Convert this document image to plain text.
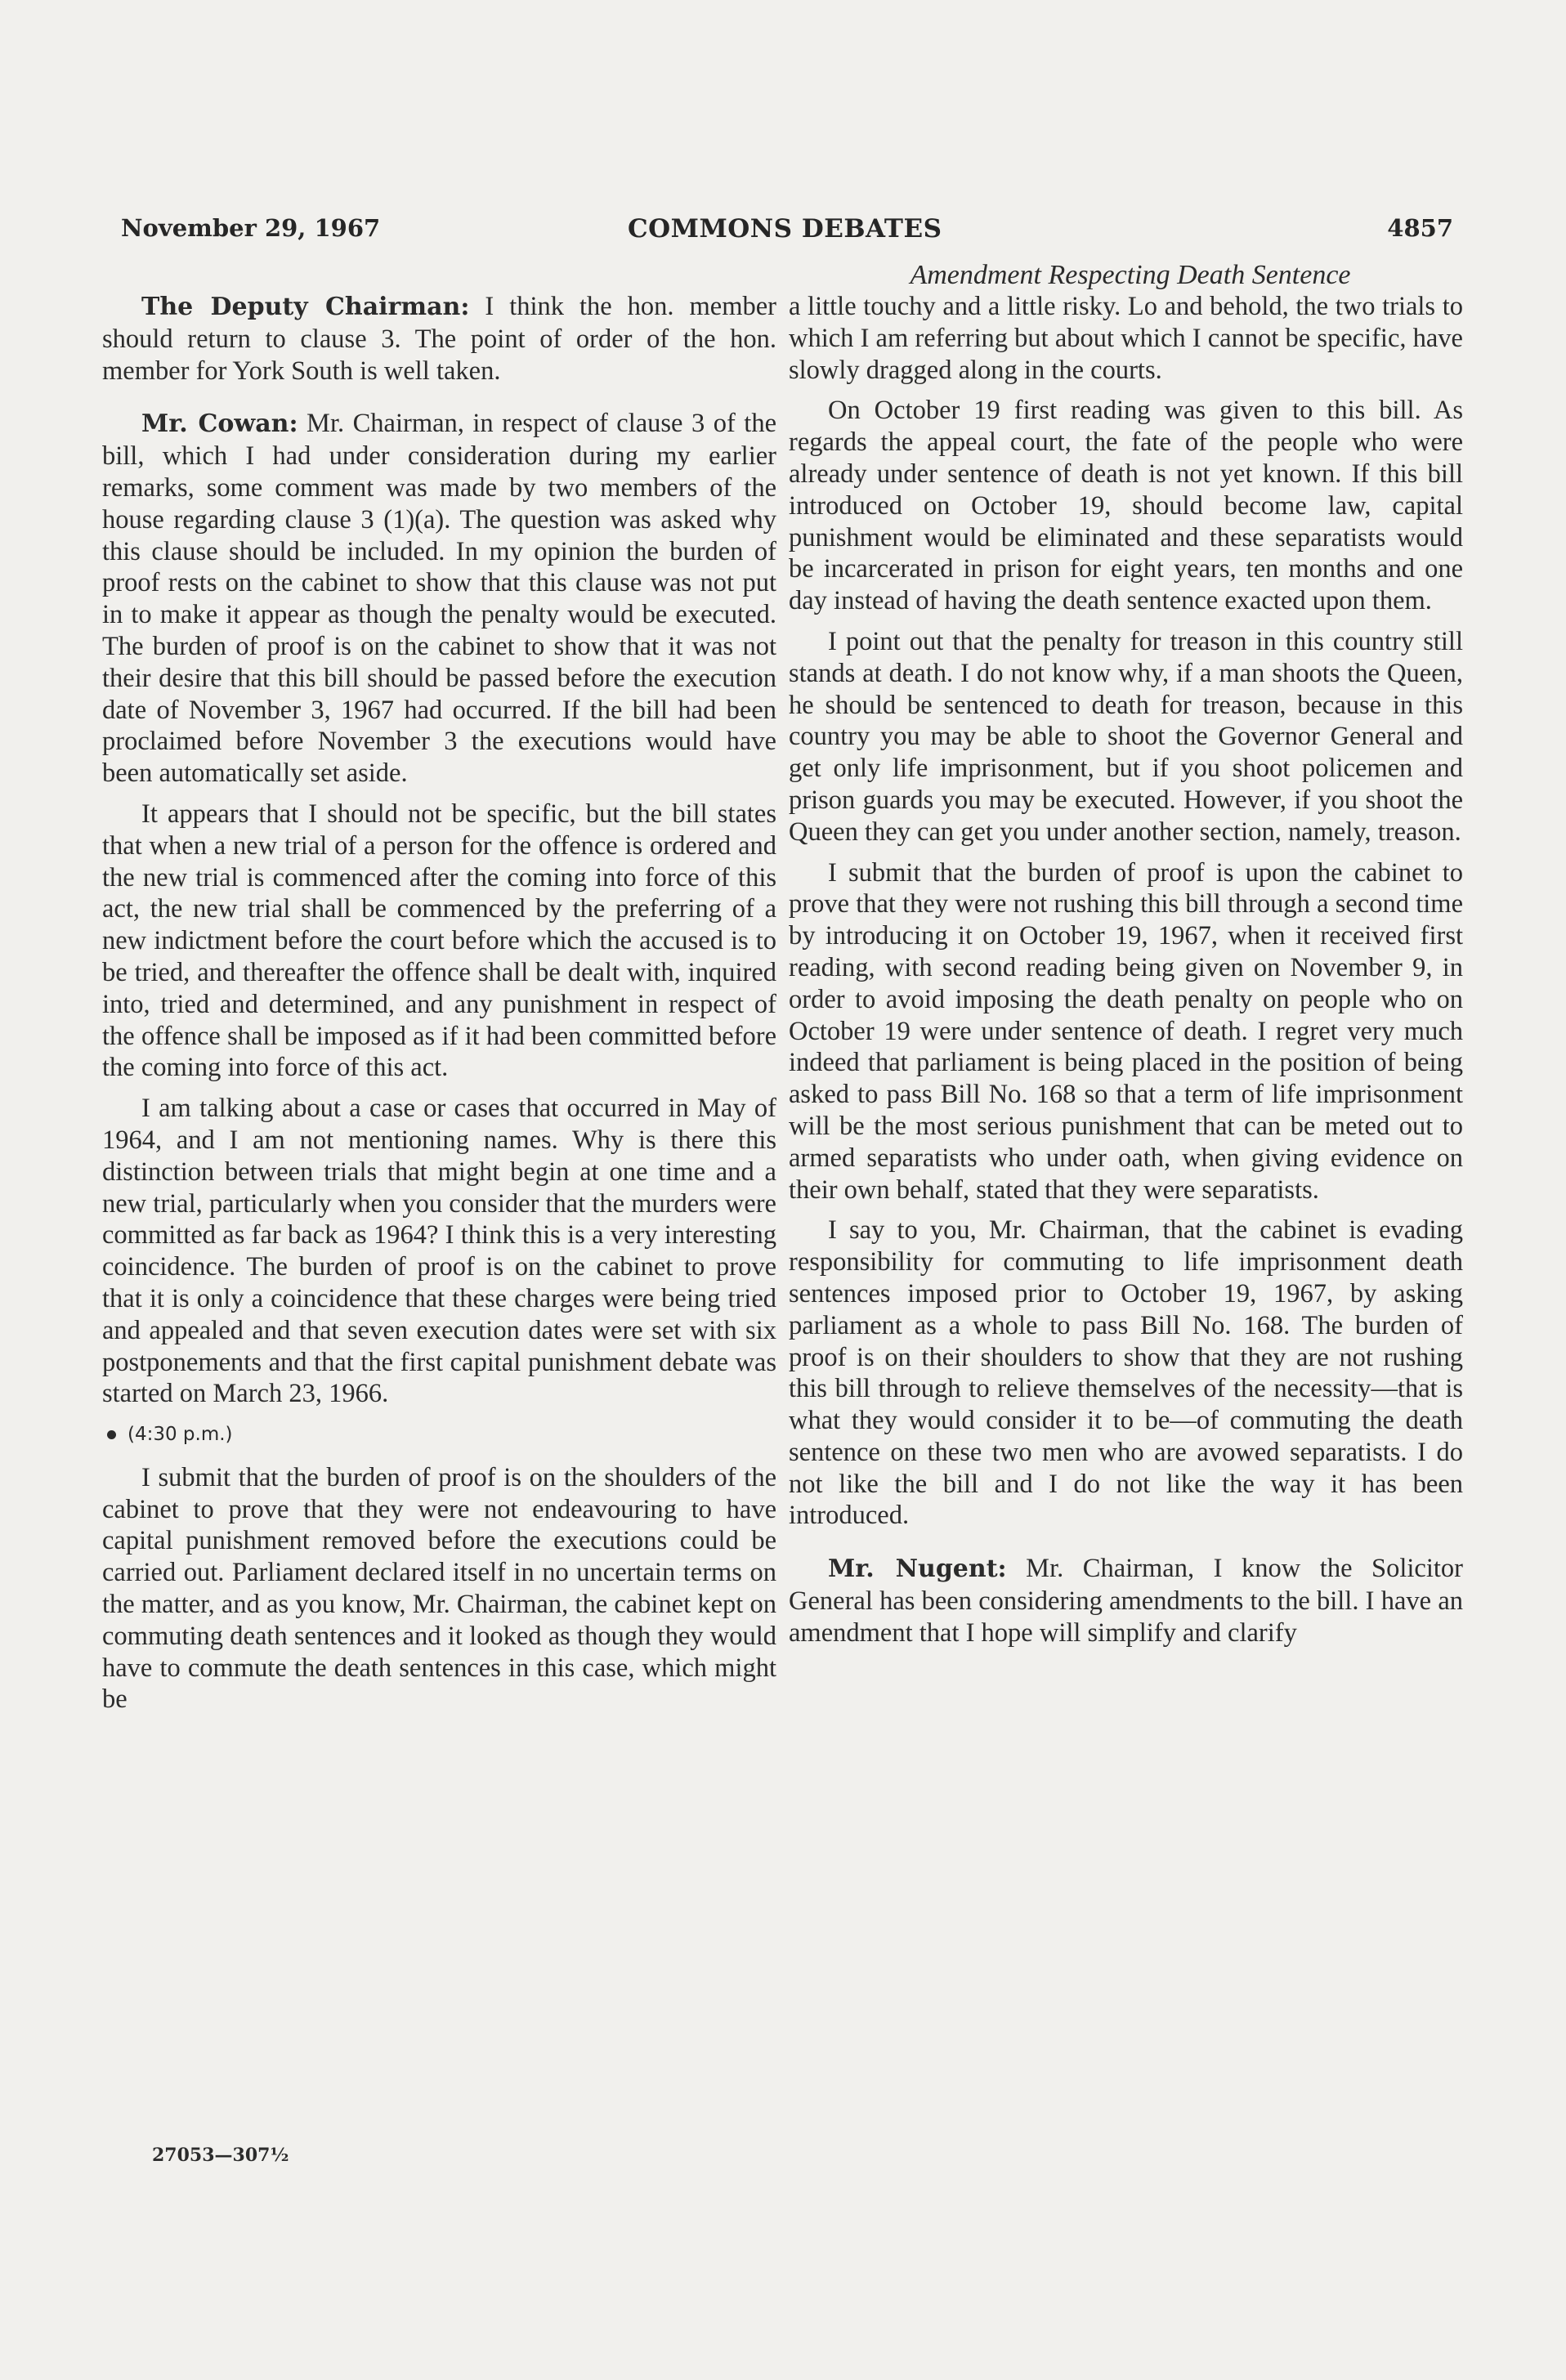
November 29, 1967	COMMONS DEBATES	4857
Amendment Respecting Death Sentence

The Deputy Chairman: I think the hon. member should return to clause 3. The point of order of the hon. member for York South is well taken.

Mr. Cowan: Mr. Chairman, in respect of clause 3 of the bill, which I had under consideration during my earlier remarks, some comment was made by two members of the house regarding clause 3 (1)(a). The question was asked why this clause should be included. In my opinion the burden of proof rests on the cabinet to show that this clause was not put in to make it appear as though the penalty would be executed. The burden of proof is on the cabinet to show that it was not their desire that this bill should be passed before the execution date of November 3, 1967 had occurred. If the bill had been proclaimed before November 3 the executions would have been automatically set aside.

It appears that I should not be specific, but the bill states that when a new trial of a person for the offence is ordered and the new trial is commenced after the coming into force of this act, the new trial shall be commenced by the preferring of a new indictment before the court before which the accused is to be tried, and thereafter the offence shall be dealt with, inquired into, tried and determined, and any punishment in respect of the offence shall be imposed as if it had been committed before the coming into force of this act.

I am talking about a case or cases that occurred in May of 1964, and I am not mentioning names. Why is there this distinction between trials that might begin at one time and a new trial, particularly when you consider that the murders were committed as far back as 1964? I think this is a very interesting coincidence. The burden of proof is on the cabinet to prove that it is only a coincidence that these charges were being tried and appealed and that seven execution dates were set with six postponements and that the first capital punishment debate was started on March 23, 1966.

(4:30 p.m.)

I submit that the burden of proof is on the shoulders of the cabinet to prove that they were not endeavouring to have capital punishment removed before the executions could be carried out. Parliament declared itself in no uncertain terms on the matter, and as you know, Mr. Chairman, the cabinet kept on commuting death sentences and it looked as though they would have to commute the death sentences in this case, which might be

a little touchy and a little risky. Lo and behold, the two trials to which I am referring but about which I cannot be specific, have slowly dragged along in the courts.

On October 19 first reading was given to this bill. As regards the appeal court, the fate of the people who were already under sentence of death is not yet known. If this bill introduced on October 19, should become law, capital punishment would be eliminated and these separatists would be incarcerated in prison for eight years, ten months and one day instead of having the death sentence exacted upon them.

I point out that the penalty for treason in this country still stands at death. I do not know why, if a man shoots the Queen, he should be sentenced to death for treason, because in this country you may be able to shoot the Governor General and get only life imprisonment, but if you shoot policemen and prison guards you may be executed. However, if you shoot the Queen they can get you under another section, namely, treason.

I submit that the burden of proof is upon the cabinet to prove that they were not rushing this bill through a second time by introducing it on October 19, 1967, when it received first reading, with second reading being given on November 9, in order to avoid imposing the death penalty on people who on October 19 were under sentence of death. I regret very much indeed that parliament is being placed in the position of being asked to pass Bill No. 168 so that a term of life imprisonment will be the most serious punishment that can be meted out to armed separatists who under oath, when giving evidence on their own behalf, stated that they were separatists.

I say to you, Mr. Chairman, that the cabinet is evading responsibility for commuting to life imprisonment death sentences imposed prior to October 19, 1967, by asking parliament as a whole to pass Bill No. 168. The burden of proof is on their shoulders to show that they are not rushing this bill through to relieve themselves of the necessity—that is what they would consider it to be—of commuting the death sentence on these two men who are avowed separatists. I do not like the bill and I do not like the way it has been introduced.

Mr. Nugent: Mr. Chairman, I know the Solicitor General has been considering amendments to the bill. I have an amendment that I hope will simplify and clarify

27053—307½
